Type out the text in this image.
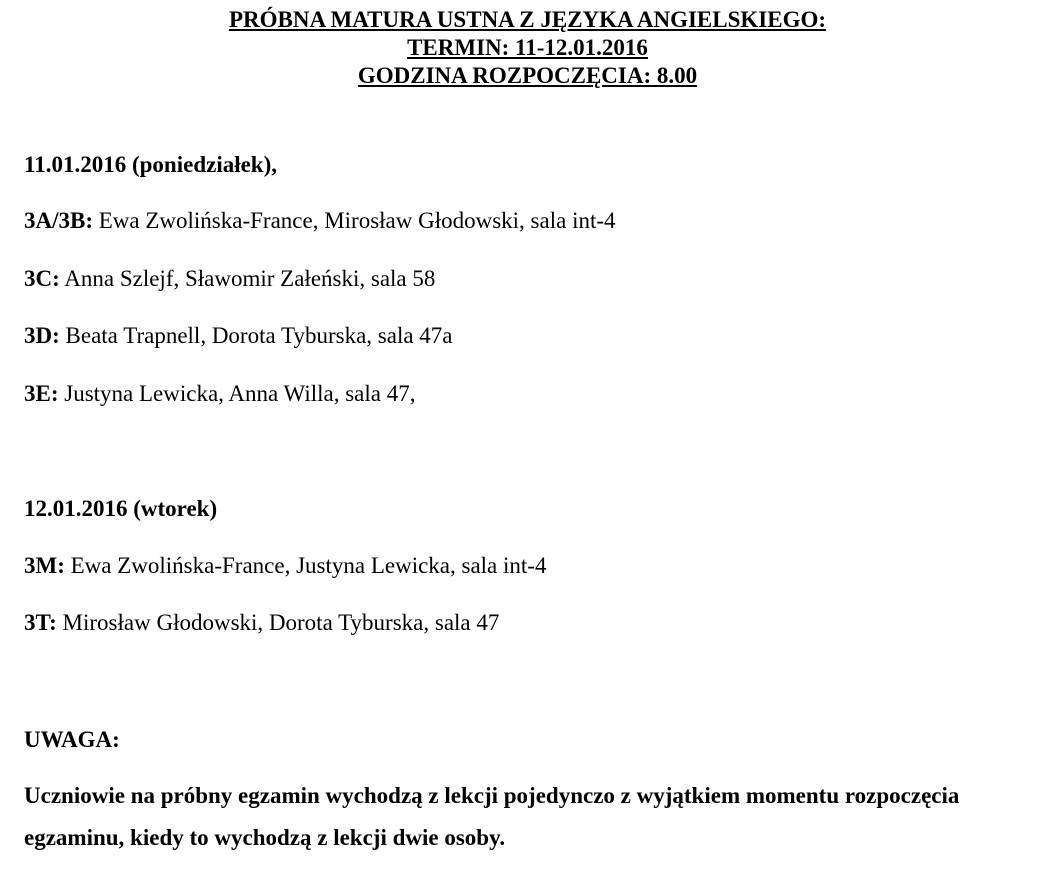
PRÓBNA MATURA USTNA Z JĘZYKA ANGIELSKIEGO:
TERMIN: 11-12.01.2016
GODZINA ROZPOCZĘCIA: 8.00
11.01.2016 (poniedziałek),
3A/3B: Ewa Zwolińska-France, Mirosław Głodowski, sala int-4
3C: Anna Szlejf, Sławomir Załeński, sala 58
3D: Beata Trapnell, Dorota Tyburska, sala 47a
3E: Justyna Lewicka, Anna Willa, sala 47,
12.01.2016 (wtorek)
3M: Ewa Zwolińska-France, Justyna Lewicka, sala int-4
3T: Mirosław Głodowski, Dorota Tyburska, sala 47
UWAGA:
Uczniowie na próbny egzamin wychodzą z lekcji pojedynczo z wyjątkiem momentu rozpoczęcia egzaminu, kiedy to wychodzą z lekcji dwie osoby.
